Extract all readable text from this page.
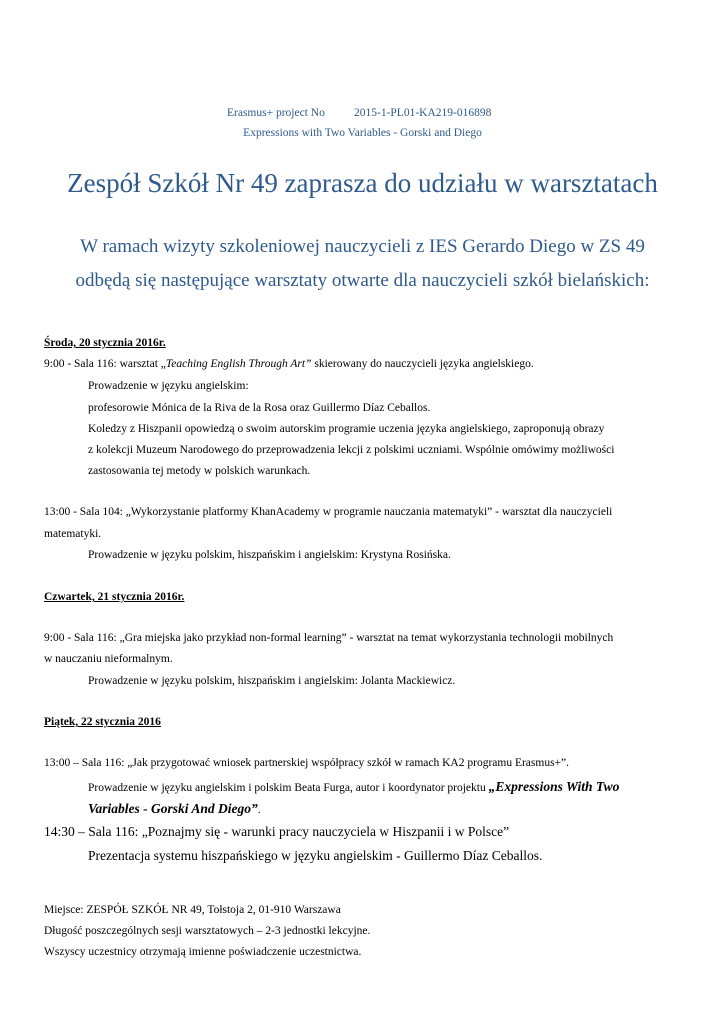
Erasmus+ project No	2015-1-PL01-KA219-016898
Expressions with Two Variables - Gorski and Diego
Zespół Szkół Nr 49 zaprasza do udziału w warsztatach
W ramach wizyty szkoleniowej nauczycieli z IES Gerardo Diego w ZS 49
odbędą się następujące warsztaty otwarte dla nauczycieli szkół bielańskich:
Środa, 20 stycznia 2016r.
9:00 - Sala 116: warsztat „Teaching English Through Art” skierowany do nauczycieli języka angielskiego.
Prowadzenie w języku angielskim:
profesorowie Mónica de la Riva de la Rosa oraz Guillermo Díaz Ceballos.
Koledzy z Hiszpanii opowiedzą o swoim autorskim programie uczenia języka angielskiego, zaproponują obrazy
z kolekcji Muzeum Narodowego do przeprowadzenia lekcji z polskimi uczniami. Wspólnie omówimy możliwości
zastosowania tej metody w polskich warunkach.
13:00 - Sala 104: „Wykorzystanie platformy KhanAcademy w programie nauczania matematyki” - warsztat dla nauczycieli
matematyki.
Prowadzenie w języku polskim, hiszpańskim i angielskim: Krystyna Rosińska.
Czwartek, 21 stycznia 2016r.
9:00 - Sala 116: „Gra miejska jako przykład non-formal learning” - warsztat na temat wykorzystania technologii mobilnych
w nauczaniu nieformalnym.
Prowadzenie w języku polskim, hiszpańskim i angielskim: Jolanta Mackiewicz.
Piątek, 22 stycznia 2016
13:00 – Sala 116: „Jak przygotować wniosek partnerskiej współpracy szkół w ramach KA2 programu Erasmus+”.
Prowadzenie w języku angielskim i polskim Beata Furga, autor i koordynator projektu „Expressions With Two
Variables - Gorski And Diego”.
14:30 – Sala 116: „Poznajmy się - warunki pracy nauczyciela w Hiszpanii i w Polsce”
Prezentacja systemu hiszpańskiego w języku angielskim - Guillermo Díaz Ceballos.
Miejsce: ZESPÓŁ SZKÓŁ NR 49, Tołstoja 2, 01-910 Warszawa
Długość poszczególnych sesji warsztatowych – 2-3 jednostki lekcyjne.
Wszyscy uczestnicy otrzymają imienne poświadczenie uczestnictwa.
